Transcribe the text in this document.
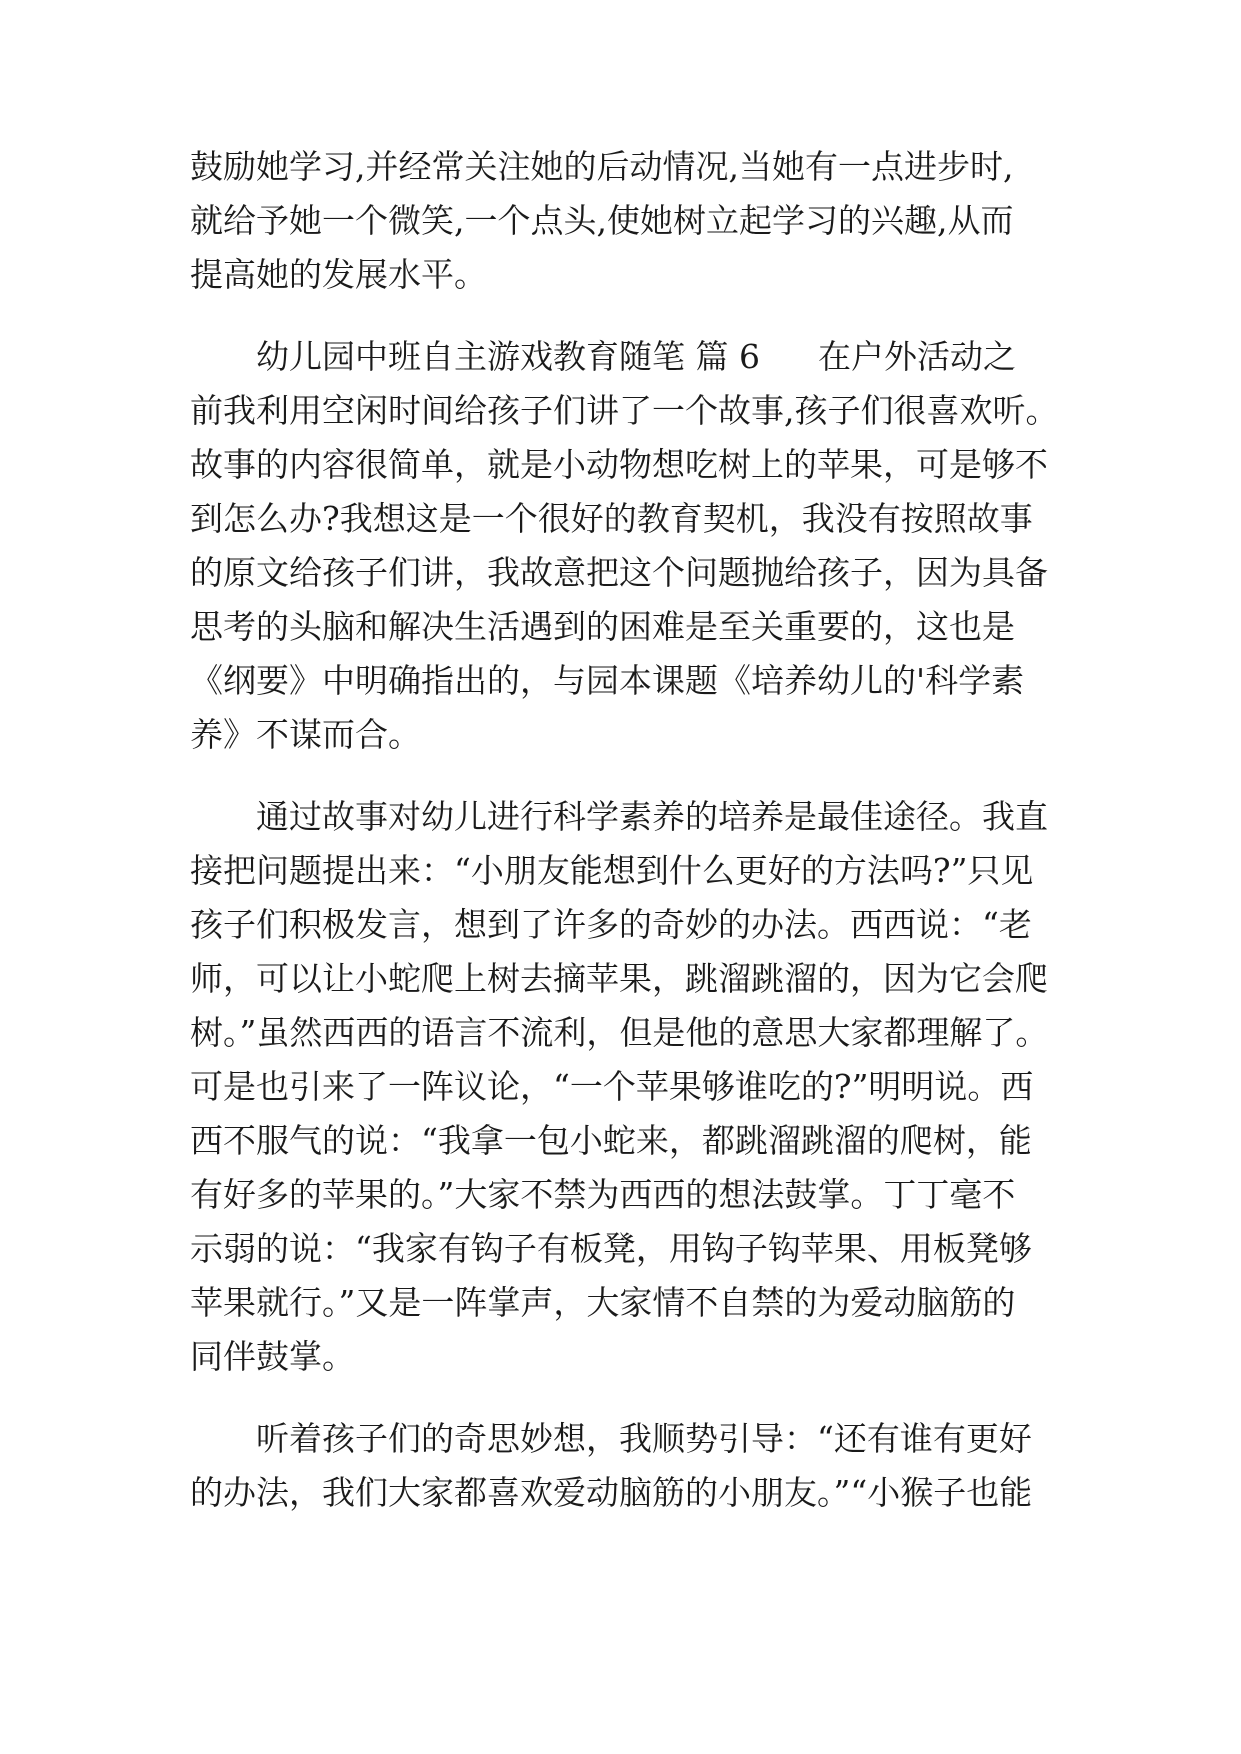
鼓励她学习,并经常关注她的后动情况,当她有一点进步时,
就给予她一个微笑,一个点头,使她树立起学习的兴趣,从而
提高她的发展水平。
幼儿园中班自主游戏教育随笔 篇 6 在户外活动之
前我利用空闲时间给孩子们讲了一个故事,孩子们很喜欢听。
故事的内容很简单，就是小动物想吃树上的苹果，可是够不
到怎么办?我想这是一个很好的教育契机，我没有按照故事
的原文给孩子们讲，我故意把这个问题抛给孩子，因为具备
思考的头脑和解决生活遇到的困难是至关重要的，这也是
《纲要》中明确指出的，与园本课题《培养幼儿的'科学素
养》不谋而合。
通过故事对幼儿进行科学素养的培养是最佳途径。我直
接把问题提出来：“小朋友能想到什么更好的方法吗?”只见
孩子们积极发言，想到了许多的奇妙的办法。西西说：“老
师，可以让小蛇爬上树去摘苹果，跳溜跳溜的，因为它会爬
树。”虽然西西的语言不流利，但是他的意思大家都理解了。
可是也引来了一阵议论，“一个苹果够谁吃的?”明明说。西
西不服气的说：“我拿一包小蛇来，都跳溜跳溜的爬树，能
有好多的苹果的。”大家不禁为西西的想法鼓掌。丁丁毫不
示弱的说：“我家有钩子有板凳，用钩子钩苹果、用板凳够
苹果就行。”又是一阵掌声，大家情不自禁的为爱动脑筋的
同伴鼓掌。
听着孩子们的奇思妙想，我顺势引导：“还有谁有更好
的办法，我们大家都喜欢爱动脑筋的小朋友。”“小猴子也能
